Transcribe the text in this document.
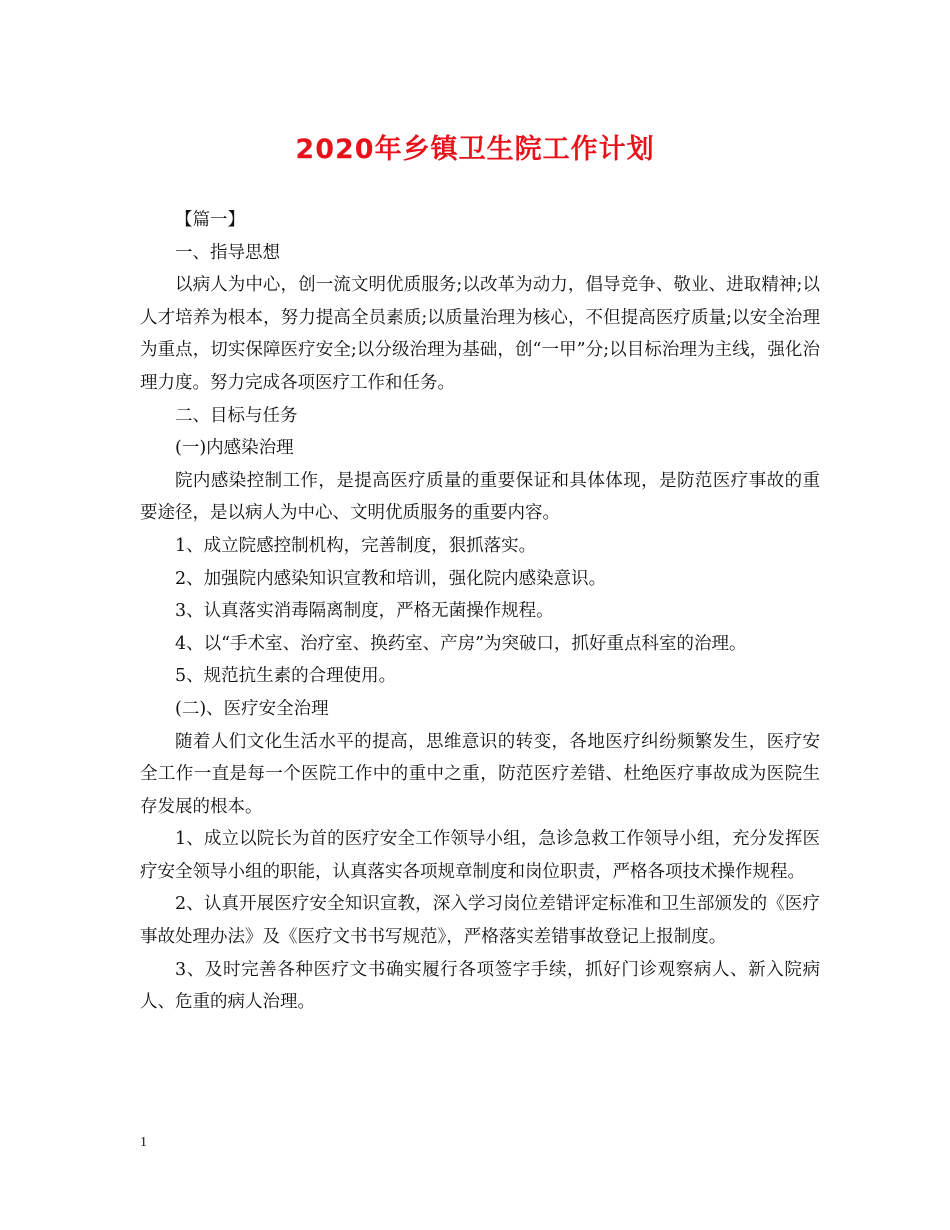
2020年乡镇卫生院工作计划

【篇一】

一、指导思想

以病人为中心，创一流文明优质服务;以改革为动力，倡导竞争、敬业、进取精神;以人才培养为根本，努力提高全员素质;以质量治理为核心，不但提高医疗质量;以安全治理为重点，切实保障医疗安全;以分级治理为基础，创“一甲”分;以目标治理为主线，强化治理力度。努力完成各项医疗工作和任务。

二、目标与任务

(一)内感染治理

院内感染控制工作，是提高医疗质量的重要保证和具体体现，是防范医疗事故的重要途径，是以病人为中心、文明优质服务的重要内容。

1、成立院感控制机构，完善制度，狠抓落实。

2、加强院内感染知识宣教和培训，强化院内感染意识。

3、认真落实消毒隔离制度，严格无菌操作规程。

4、以“手术室、治疗室、换药室、产房”为突破口，抓好重点科室的治理。

5、规范抗生素的合理使用。

(二)、医疗安全治理

随着人们文化生活水平的提高，思维意识的转变，各地医疗纠纷频繁发生，医疗安全工作一直是每一个医院工作中的重中之重，防范医疗差错、杜绝医疗事故成为医院生存发展的根本。

1、成立以院长为首的医疗安全工作领导小组，急诊急救工作领导小组，充分发挥医疗安全领导小组的职能，认真落实各项规章制度和岗位职责，严格各项技术操作规程。

2、认真开展医疗安全知识宣教，深入学习岗位差错评定标准和卫生部颁发的《医疗事故处理办法》及《医疗文书书写规范》，严格落实差错事故登记上报制度。

3、及时完善各种医疗文书确实履行各项签字手续，抓好门诊观察病人、新入院病人、危重的病人治理。

1
